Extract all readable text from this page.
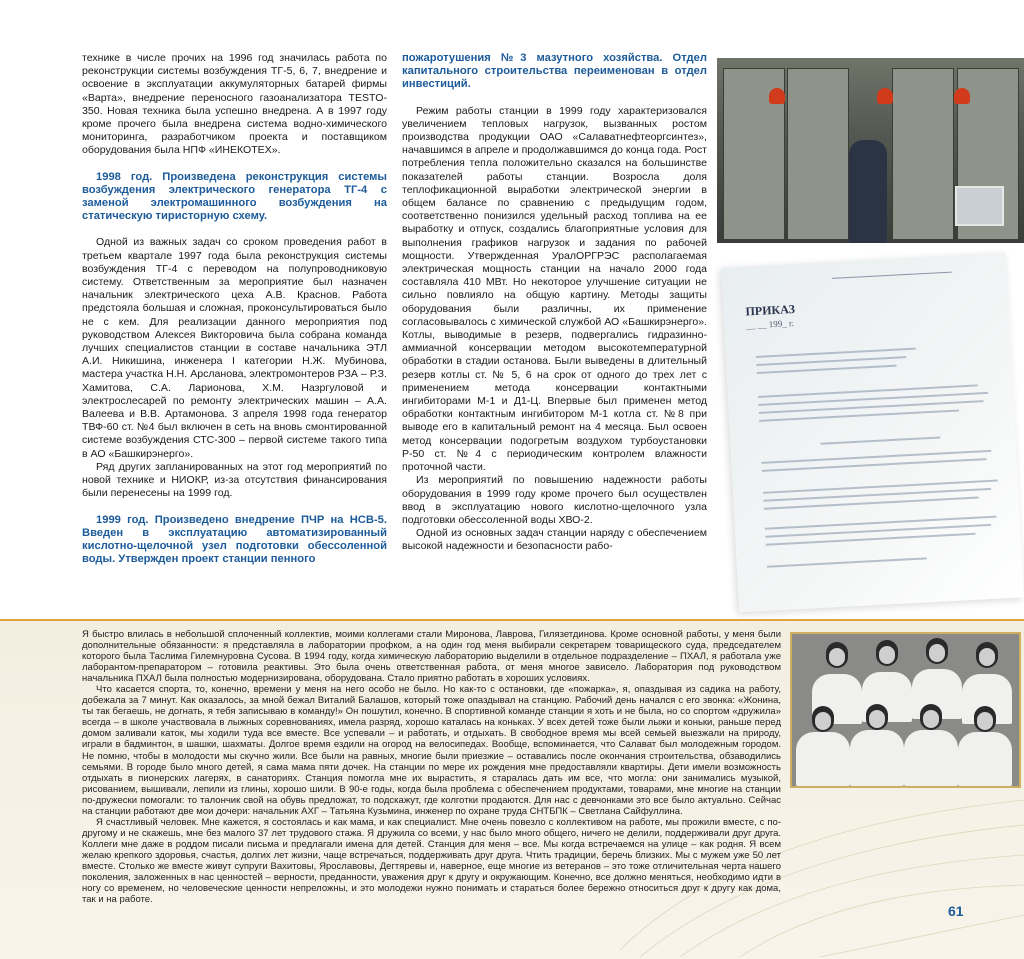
технике в числе прочих на 1996 год значилась работа по реконструкции системы возбуждения ТГ-5, 6, 7, внедрение и освоение в эксплуатации аккумуляторных батарей фирмы «Варта», внедрение переносного газоанализатора TESTO-350. Новая техника была успешно внедрена. А в 1997 году кроме прочего была внедрена система водно-химического мониторинга, разработчиком проекта и поставщиком оборудования была НПФ «ИНЕКОТЕХ».

1998 год. Произведена реконструкция системы возбуждения электрического генератора ТГ-4 с заменой электромашинного возбуждения на статическую тиристорную схему.

Одной из важных задач со сроком проведения работ в третьем квартале 1997 года была реконструкция системы возбуждения ТГ-4 с переводом на полупроводниковую систему. Ответственным за мероприятие был назначен начальник электрического цеха А.В. Краснов. Работа предстояла большая и сложная, проконсультироваться было не с кем. Для реализации данного мероприятия под руководством Алексея Викторовича была собрана команда лучших специалистов станции в составе начальника ЭТЛ А.И. Никишина, инженера I категории Н.Ж. Мубинова, мастера участка Н.Н. Арсланова, электромонтеров РЗА – Р.З. Хамитова, С.А. Ларионова, Х.М. Назргуловой и электрослесарей по ремонту электрических машин – А.А. Валеева и В.В. Артамонова. 3 апреля 1998 года генератор ТВФ-60 ст. №4 был включен в сеть на вновь смонтированной системе возбуждения СТС-300 – первой системе такого типа в АО «Башкирэнерго».

Ряд других запланированных на этот год мероприятий по новой технике и НИОКР, из-за отсутствия финансирования были перенесены на 1999 год.

1999 год. Произведено внедрение ПЧР на НСВ-5. Введен в эксплуатацию автоматизированный кислотно-щелочной узел подготовки обессоленной воды. Утвержден проект станции пенного
пожаротушения №3 мазутного хозяйства. Отдел капитального строительства переименован в отдел инвестиций.

Режим работы станции в 1999 году характеризовался увеличением тепловых нагрузок, вызванных ростом производства продукции ОАО «Салаватнефтеоргсинтез», начавшимся в апреле и продолжавшимся до конца года. Рост потребления тепла положительно сказался на большинстве показателей работы станции. Возросла доля теплофикационной выработки электрической энергии в общем балансе по сравнению с предыдущим годом, соответственно понизился удельный расход топлива на ее выработку и отпуск, создались благоприятные условия для выполнения графиков нагрузок и задания по рабочей мощности. Утвержденная УралОРГРЭС располагаемая электрическая мощность станции на начало 2000 года составляла 410 МВт. Но некоторое улучшение ситуации не сильно повлияло на общую картину. Методы защиты оборудования были различны, их применение согласовывалось с химической службой АО «Башкирэнерго». Котлы, выводимые в резерв, подвергались гидразинно-аммиачной консервации методом высокотемпературной обработки в стадии останова. Были выведены в длительный резерв котлы ст. № 5, 6 на срок от одного до трех лет с применением метода консервации контактными ингибиторами М-1 и Д1-Ц. Впервые был применен метод обработки контактным ингибитором М-1 котла ст. №8 при выводе его в капитальный ремонт на 4 месяца. Был освоен метод консервации подогретым воздухом турбоустановки Р-50 ст. №4 с периодическим контролем влажности проточной части.

Из мероприятий по повышению надежности работы оборудования в 1999 году кроме прочего был осуществлен ввод в эксплуатацию нового кислотно-щелочного узла подготовки обессоленной воды ХВО-2.

Одной из основных задач станции наряду с обеспечением высокой надежности и безопасности рабо-

ПРИКАЗ
__ __ 199_ г.

Я быстро влилась в небольшой сплоченный коллектив, моими коллегами стали Миронова, Лаврова, Гилязетдинова. Кроме основной работы, у меня были дополнительные обязанности: я представляла в лаборатории профком, а на один год меня выбирали секретарем товарищеского суда, председателем которого была Таслима Гилемнуровна Сусова. В 1994 году, когда химическую лабораторию выделили в отдельное подразделение – ПХАЛ, я работала уже лаборантом-препаратором – готовила реактивы. Это была очень ответственная работа, от меня многое зависело. Лаборатория под руководством начальника ПХАЛ была полностью модернизирована, оборудована. Стало приятно работать в хороших условиях.

Что касается спорта, то, конечно, времени у меня на него особо не было. Но как-то с остановки, где «пожарка», я, опаздывая из садика на работу, добежала за 7 минут. Как оказалось, за мной бежал Виталий Балашов, который тоже опаздывал на станцию. Рабочий день начался с его звонка: «Жонина, ты так бегаешь, не догнать, я тебя записываю в команду!» Он пошутил, конечно. В спортивной команде станции я хоть и не была, но со спортом «дружила» всегда – в школе участвовала в лыжных соревнованиях, имела разряд, хорошо каталась на коньках. У всех детей тоже были лыжи и коньки, раньше перед домом заливали каток, мы ходили туда все вместе. Все успевали – и работать, и отдыхать. В свободное время мы всей семьей выезжали на природу, играли в бадминтон, в шашки, шахматы. Долгое время ездили на огород на велосипедах. Вообще, вспоминается, что Салават был молодежным городом. Не помню, чтобы в молодости мы скучно жили. Все были на равных, многие были приезжие – оставались после окончания строительства, обзаводились семьями. В городе было много детей, я сама мама пяти дочек. На станции по мере их рождения мне предоставляли квартиры. Дети имели возможность отдыхать в пионерских лагерях, в санаториях. Станция помогла мне их вырастить, я старалась дать им все, что могла: они занимались музыкой, рисованием, вышивали, лепили из глины, хорошо шили. В 90-е годы, когда была проблема с обеспечением продуктами, товарами, мне многие на станции по-дружески помогали: то талончик свой на обувь предложат, то подскажут, где колготки продаются. Для нас с девчонками это все было актуально. Сейчас на станции работают две мои дочери: начальник АХГ – Татьяна Кузьмина, инженер по охране труда СНТБПК – Светлана Сайфуллина.

Я счастливый человек. Мне кажется, я состоялась и как мама, и как специалист. Мне очень повезло с коллективом на работе, мы прожили вместе, с по-другому и не скажешь, мне без малого 37 лет трудового стажа. Я дружила со всеми, у нас было много общего, ничего не делили, поддерживали друг друга. Коллеги мне даже в роддом писали письма и предлагали имена для детей. Станция для меня – все. Мы когда встречаемся на улице – как родня. Я всем желаю крепкого здоровья, счастья, долгих лет жизни, чаще встречаться, поддерживать друг друга. Чтить традиции, беречь близких. Мы с мужем уже 50 лет вместе. Столько же вместе живут супруги Вахитовы, Ярославовы, Дегтяревы и, наверное, еще многие из ветеранов – это тоже отличительная черта нашего поколения, заложенных в нас ценностей – верности, преданности, уважения друг к другу и окружающим. Конечно, все должно меняться, необходимо идти в ногу со временем, но человеческие ценности непреложны, и это молодежи нужно понимать и стараться более бережно относиться друг к другу как дома, так и на работе.

61
